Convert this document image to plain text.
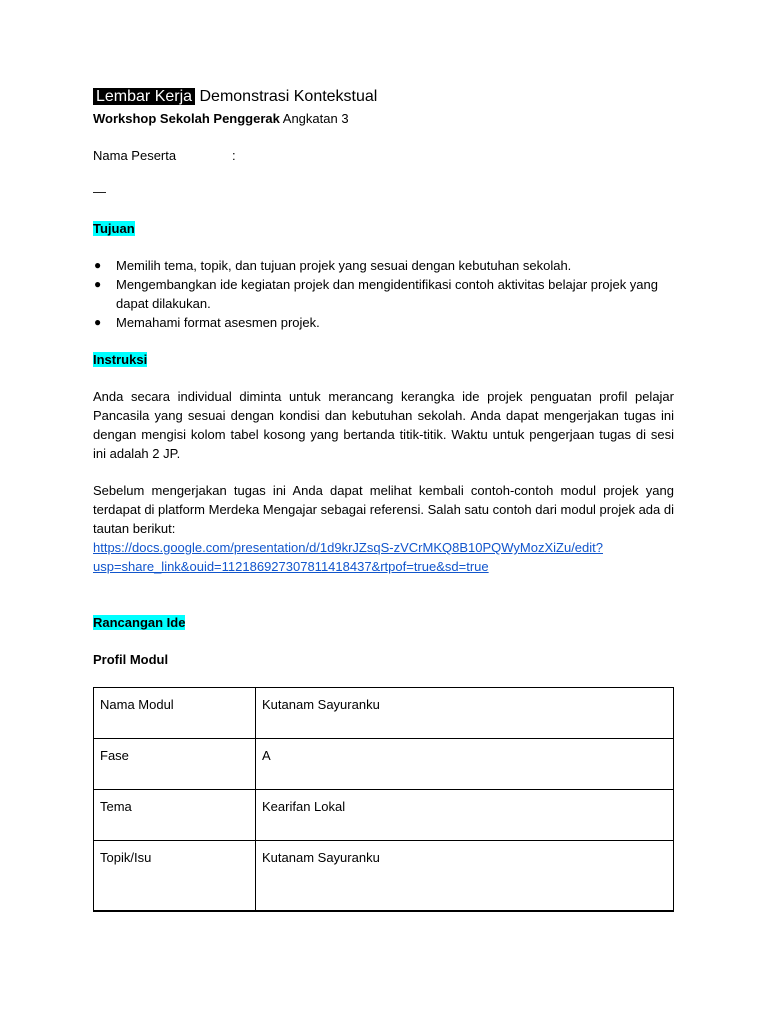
Lembar Kerja Demonstrasi Kontekstual
Workshop Sekolah Penggerak Angkatan 3
Nama Peserta	:
—
Tujuan
● Memilih tema, topik, dan tujuan projek yang sesuai dengan kebutuhan sekolah.
● Mengembangkan ide kegiatan projek dan mengidentifikasi contoh aktivitas belajar projek yang dapat dilakukan.
● Memahami format asesmen projek.
Instruksi
Anda secara individual diminta untuk merancang kerangka ide projek penguatan profil pelajar Pancasila yang sesuai dengan kondisi dan kebutuhan sekolah. Anda dapat mengerjakan tugas ini dengan mengisi kolom tabel kosong yang bertanda titik-titik. Waktu untuk pengerjaan tugas di sesi ini adalah 2 JP.
Sebelum mengerjakan tugas ini Anda dapat melihat kembali contoh-contoh modul projek yang terdapat di platform Merdeka Mengajar sebagai referensi. Salah satu contoh dari modul projek ada di tautan berikut:
https://docs.google.com/presentation/d/1d9krJZsqS-zVCrMKQ8B10PQWyMozXiZu/edit?
usp=share_link&ouid=112186927307811418437&rtpof=true&sd=true
Rancangan Ide
Profil Modul
Nama Modul	Kutanam Sayuranku
Fase	A
Tema	Kearifan Lokal
Topik/Isu	Kutanam Sayuranku
